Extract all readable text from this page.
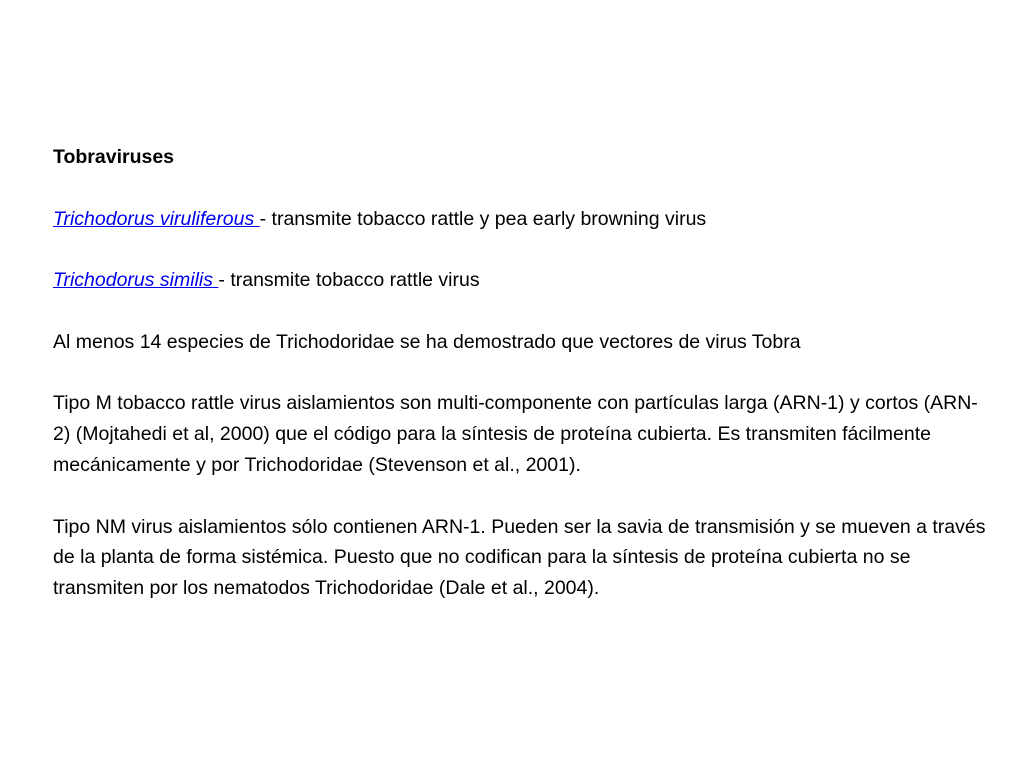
Tobraviruses

Trichodorus viruliferous - transmite tobacco rattle y pea early browning virus

Trichodorus similis - transmite tobacco rattle virus

Al menos 14 especies de Trichodoridae se ha demostrado que vectores de virus Tobra

Tipo M tobacco rattle virus aislamientos son multi-componente con partículas larga (ARN-1) y cortos (ARN-2) (Mojtahedi et al, 2000) que el código para la síntesis de proteína cubierta. Es transmiten fácilmente mecánicamente y por Trichodoridae (Stevenson et al., 2001).

Tipo NM virus aislamientos sólo contienen ARN-1. Pueden ser la savia de transmisión y se mueven a través de la planta de forma sistémica. Puesto que no codifican para la síntesis de proteína cubierta no se transmiten por los nematodos Trichodoridae (Dale et al., 2004).
